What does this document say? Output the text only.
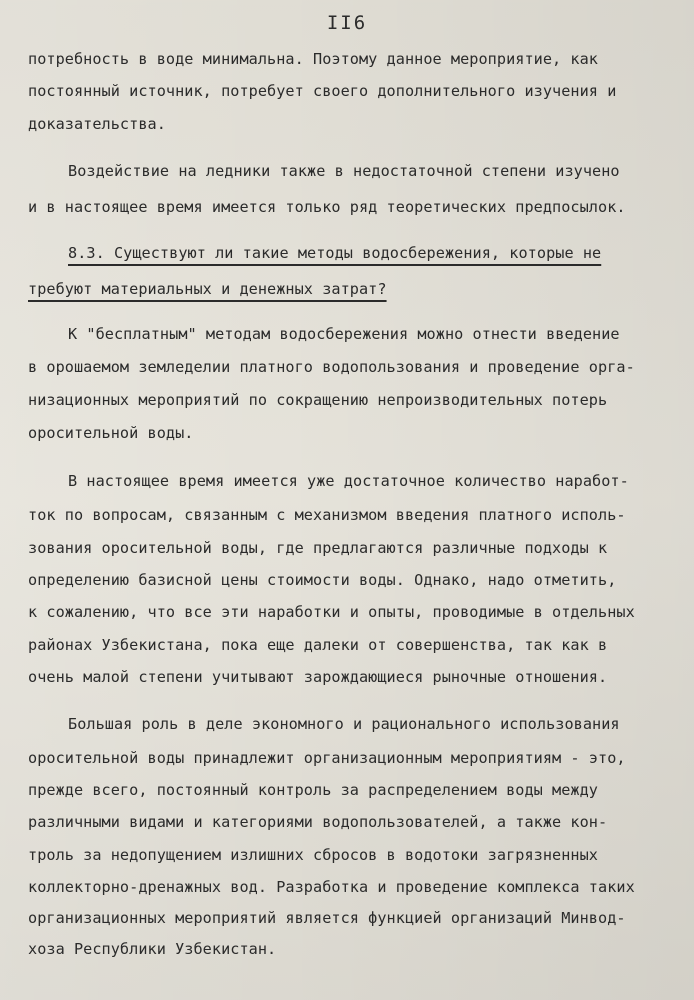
II6
потребность в воде минимальна. Поэтому данное мероприятие, как
постоянный источник, потребует своего дополнительного изучения и
доказательства.
Воздействие на ледники также в недостаточной степени изучено
и в настоящее время имеется только ряд теоретических предпосылок.
8.3. Существуют ли такие методы водосбережения, которые не
требуют материальных и денежных затрат?
К "бесплатным" методам водосбережения можно отнести введение
в орошаемом земледелии платного водопользования и проведение орга-
низационных мероприятий по сокращению непроизводительных потерь
оросительной воды.
В настоящее время имеется уже достаточное количество наработ-
ток по вопросам, связанным с механизмом введения платного исполь-
зования оросительной воды, где предлагаются различные подходы к
определению базисной цены стоимости воды. Однако, надо отметить,
к сожалению, что все эти наработки и опыты, проводимые в отдельных
районах Узбекистана, пока еще далеки от совершенства, так как в
очень малой степени учитывают зарождающиеся рыночные отношения.
Большая роль в деле экономного и рационального использования
оросительной воды принадлежит организационным мероприятиям - это,
прежде всего, постоянный контроль за распределением воды между
различными видами и категориями водопользователей, а также кон-
троль за недопущением излишних сбросов в водотоки загрязненных
коллекторно-дренажных вод. Разработка и проведение комплекса таких
организационных мероприятий является функцией организаций Минвод-
хоза Республики Узбекистан.
